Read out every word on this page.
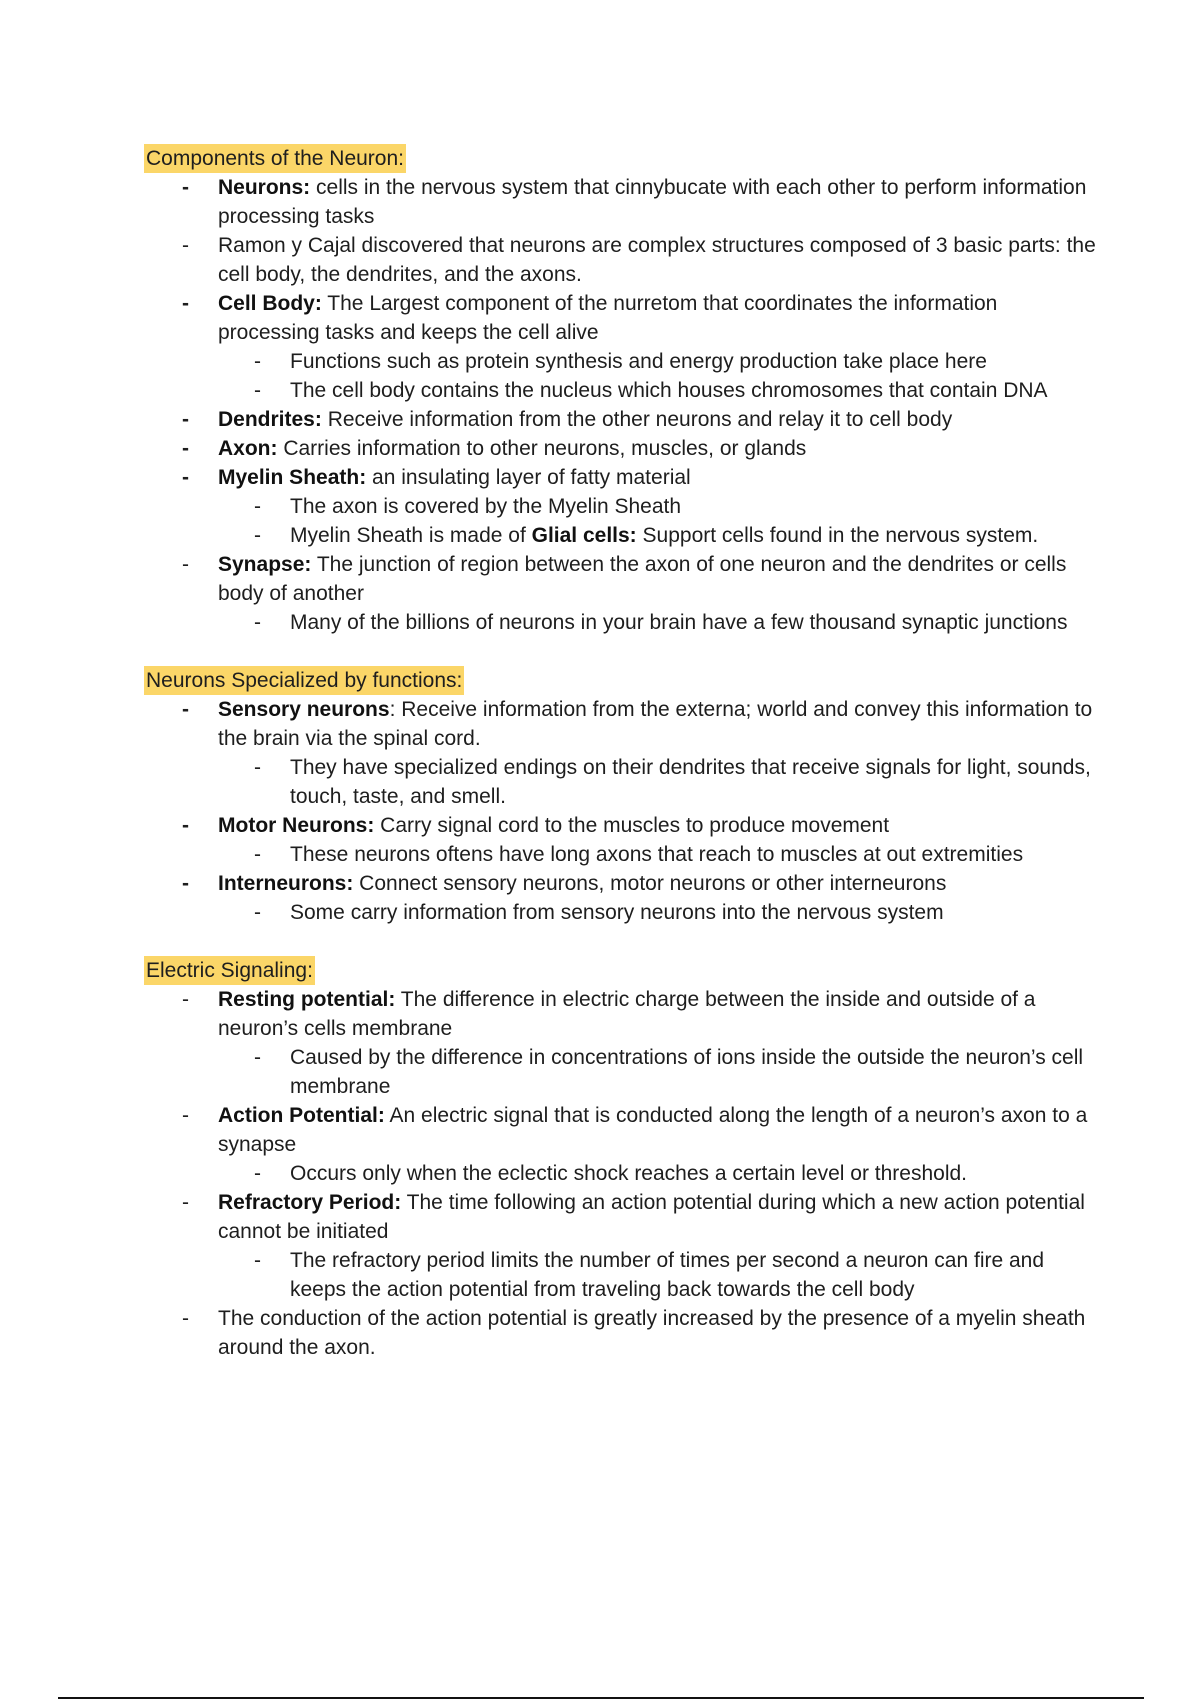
Components of the Neuron:
- Neurons: cells in the nervous system that cinnybucate with each other to perform information processing tasks
- Ramon y Cajal discovered that neurons are complex structures composed of 3 basic parts: the cell body, the dendrites, and the axons.
- Cell Body: The Largest component of the nurretom that coordinates the information processing tasks and keeps the cell alive
- Functions such as protein synthesis and energy production take place here
- The cell body contains the nucleus which houses chromosomes that contain DNA
- Dendrites: Receive information from the other neurons and relay it to cell body
- Axon: Carries information to other neurons, muscles, or glands
- Myelin Sheath: an insulating layer of fatty material
- The axon is covered by the Myelin Sheath
- Myelin Sheath is made of Glial cells: Support cells found in the nervous system.
- Synapse: The junction of region between the axon of one neuron and the dendrites or cells body of another
- Many of the billions of neurons in your brain have a few thousand synaptic junctions
Neurons Specialized by functions:
- Sensory neurons: Receive information from the externa; world and convey this information to the brain via the spinal cord.
- They have specialized endings on their dendrites that receive signals for light, sounds, touch, taste, and smell.
- Motor Neurons: Carry signal cord to the muscles to produce movement
- These neurons oftens have long axons that reach to muscles at out extremities
- Interneurons: Connect sensory neurons, motor neurons or other interneurons
- Some carry information from sensory neurons into the nervous system
Electric Signaling:
- Resting potential: The difference in electric charge between the inside and outside of a neuron’s cells membrane
- Caused by the difference in concentrations of ions inside the outside the neuron’s cell membrane
- Action Potential: An electric signal that is conducted along the length of a neuron’s axon to a synapse
- Occurs only when the eclectic shock reaches a certain level or threshold.
- Refractory Period: The time following an action potential during which a new action potential cannot be initiated
- The refractory period limits the number of times per second a neuron can fire and keeps the action potential from traveling back towards the cell body
- The conduction of the action potential is greatly increased by the presence of a myelin sheath around the axon.
